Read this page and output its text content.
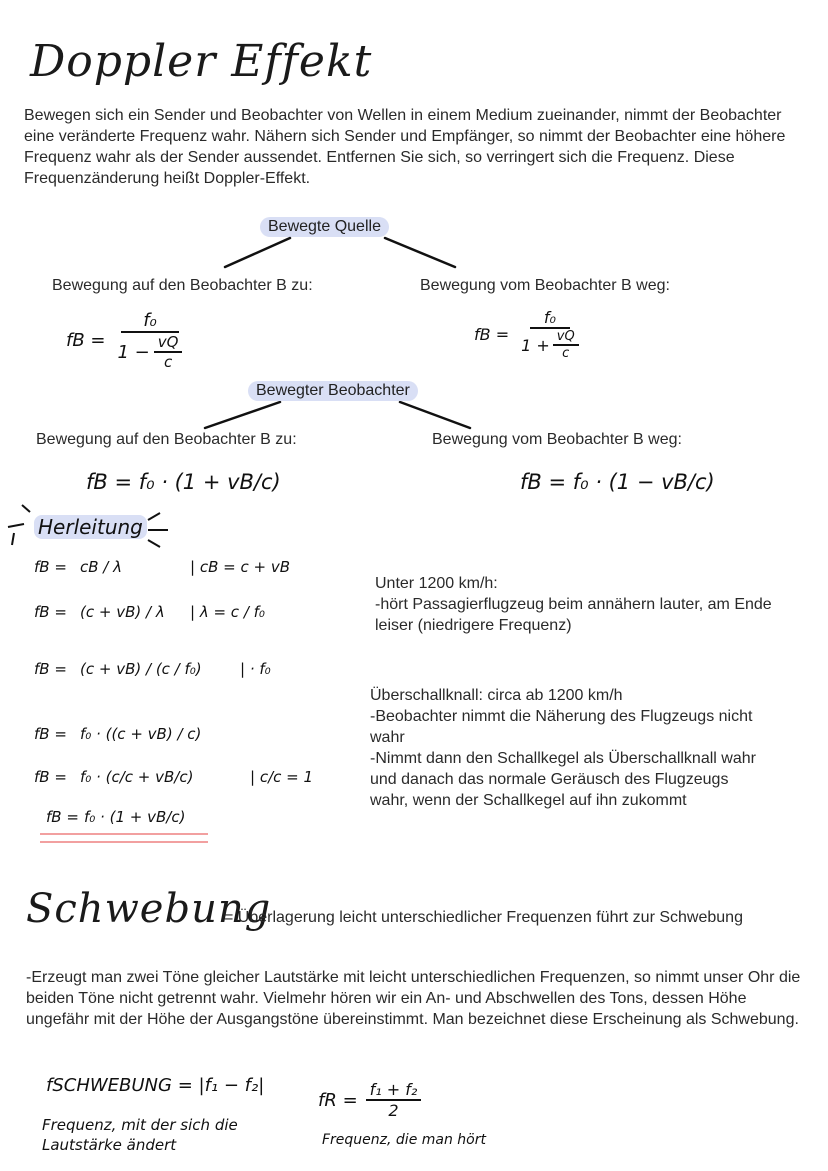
Doppler Effekt
Bewegen sich ein Sender und Beobachter von Wellen in einem Medium zueinander, nimmt der Beobachter eine veränderte Frequenz wahr. Nähern sich Sender und Empfänger, so nimmt der Beobachter eine höhere Frequenz wahr als der Sender aussendet. Entfernen Sie sich, so verringert sich die Frequenz. Diese Frequenzänderung heißt Doppler-Effekt.
Bewegte Quelle
Bewegung auf den Beobachter B zu:	Bewegung vom Beobachter B weg:
fB = $\frac{\text{f₀}}{1 - \frac{vQ}{c}}$	fB = $\frac{\text{f₀}}{1 + \frac{vQ}{c}}$
Bewegter Beobachter
Bewegung auf den Beobachter B zu:	Bewegung vom Beobachter B weg:
fB = f₀ · (1 + vB/c)	fB = f₀ · (1 − vB/c)
Herleitung
fB = cB / λ	| cB = c + vB
fB = (c + vB) / λ	| λ = c / f₀
fB = (c + vB) / (c / f₀)	| · f₀
fB = f₀ · ((c + vB) / c)
fB = f₀ · (c/c + vB/c)	| c/c = 1
fB = f₀ · (1 + vB/c)
Unter 1200 km/h:
-hört Passagierflugzeug beim annähern lauter, am Ende leiser (niedrigere Frequenz)
Überschallknall: circa ab 1200 km/h
-Beobachter nimmt die Näherung des Flugzeugs nicht wahr
-Nimmt dann den Schallkegel als Überschallknall wahr und danach das normale Geräusch des Flugzeugs wahr, wenn der Schallkegel auf ihn zukommt
Schwebung
= Überlagerung leicht unterschiedlicher Frequenzen führt zur Schwebung
-Erzeugt man zwei Töne gleicher Lautstärke mit leicht unterschiedlichen Frequenzen, so nimmt unser Ohr die beiden Töne nicht getrennt wahr. Vielmehr hören wir ein An- und Abschwellen des Tons, dessen Höhe ungefähr mit der Höhe der Ausgangstöne übereinstimmt. Man bezeichnet diese Erscheinung als Schwebung.
fSCHWEBUNG = |f₁ − f₂|
Frequenz, mit der sich die Lautstärke ändert
fR = $\frac{\text{f₁ + f₂}}{2}$
Frequenz, die man hört
